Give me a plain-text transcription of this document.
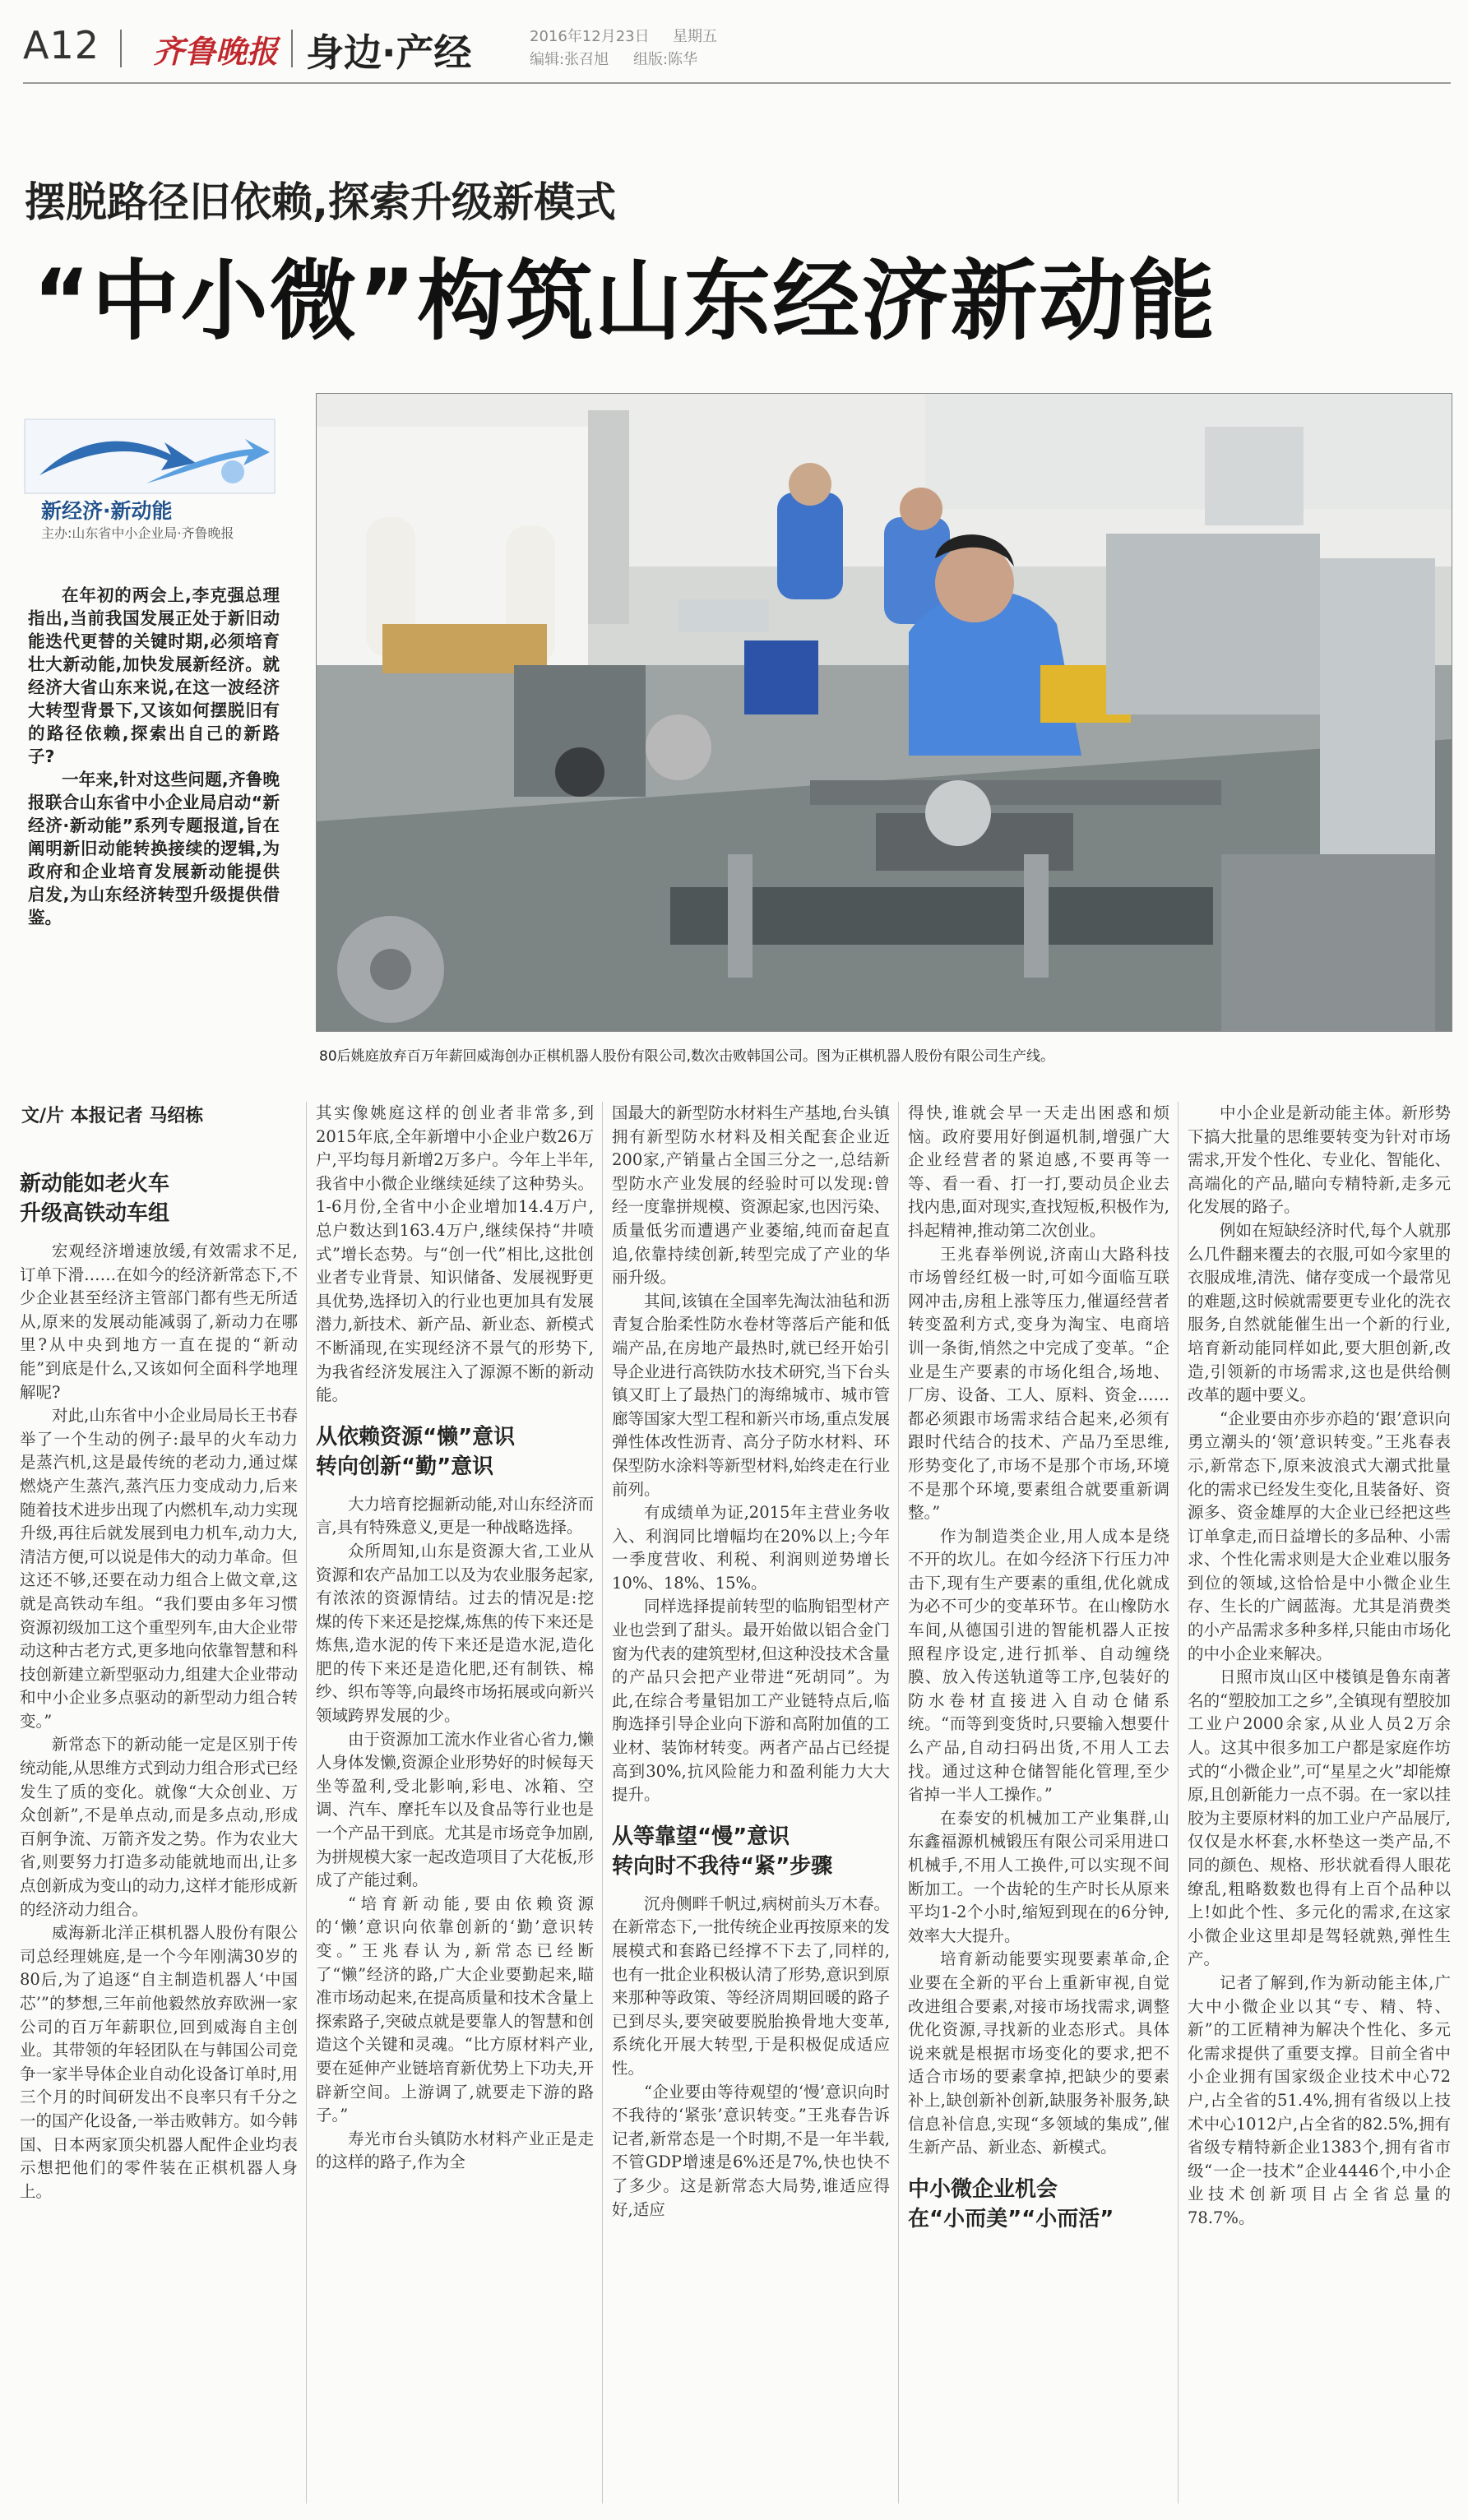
A12 齐鲁晚报 身边·产经	2016年12月23日 星期五
编辑:张召旭 组版:陈华
摆脱路径旧依赖,探索升级新模式
“中小微”构筑山东经济新动能
新经济·新动能
主办:山东省中小企业局·齐鲁晚报

在年初的两会上,李克强总理指出,当前我国发展正处于新旧动能迭代更替的关键时期,必须培育壮大新动能,加快发展新经济。就经济大省山东来说,在这一波经济大转型背景下,又该如何摆脱旧有的路径依赖,探索出自己的新路子?

一年来,针对这些问题,齐鲁晚报联合山东省中小企业局启动“新经济·新动能”系列专题报道,旨在阐明新旧动能转换接续的逻辑,为政府和企业培育发展新动能提供启发,为山东经济转型升级提供借鉴。

80后姚庭放弃百万年薪回威海创办正棋机器人股份有限公司,数次击败韩国公司。图为正棋机器人股份有限公司生产线。
文/片 本报记者 马绍栋
新动能如老火车
升级高铁动车组

宏观经济增速放缓,有效需求不足,订单下滑……在如今的经济新常态下,不少企业甚至经济主管部门都有些无所适从,原来的发展动能减弱了,新动力在哪里?从中央到地方一直在提的“新动能”到底是什么,又该如何全面科学地理解呢?

对此,山东省中小企业局局长王书春举了一个生动的例子:最早的火车动力是蒸汽机,这是最传统的老动力,通过煤燃烧产生蒸汽,蒸汽压力变成动力,后来随着技术进步出现了内燃机车,动力实现升级,再往后就发展到电力机车,动力大,清洁方便,可以说是伟大的动力革命。但这还不够,还要在动力组合上做文章,这就是高铁动车组。“我们要由多年习惯资源初级加工这个重型列车,由大企业带动这种古老方式,更多地向依靠智慧和科技创新建立新型驱动力,组建大企业带动和中小企业多点驱动的新型动力组合转变。”

新常态下的新动能一定是区别于传统动能,从思维方式到动力组合形式已经发生了质的变化。就像“大众创业、万众创新”,不是单点动,而是多点动,形成百舸争流、万箭齐发之势。作为农业大省,则要努力打造多动能就地而出,让多点创新成为变山的动力,这样才能形成新的经济动力组合。

威海新北洋正棋机器人股份有限公司总经理姚庭,是一个今年刚满30岁的80后,为了追逐“自主制造机器人‘中国芯’”的梦想,三年前他毅然放弃欧洲一家公司的百万年薪职位,回到威海自主创业。其带领的年轻团队在与韩国公司竞争一家半导体企业自动化设备订单时,用三个月的时间研发出不良率只有千分之一的国产化设备,一举击败韩方。如今韩国、日本两家顶尖机器人配件企业均表示想把他们的零件装在正棋机器人身上。

其实像姚庭这样的创业者非常多,到2015年底,全年新增中小企业户数26万户,平均每月新增2万多户。今年上半年,我省中小微企业继续延续了这种势头。1-6月份,全省中小企业增加14.4万户,总户数达到163.4万户,继续保持“井喷式”增长态势。与“创一代”相比,这批创业者专业背景、知识储备、发展视野更具优势,选择切入的行业也更加具有发展潜力,新技术、新产品、新业态、新模式不断涌现,在实现经济不景气的形势下,为我省经济发展注入了源源不断的新动能。

从依赖资源“懒”意识
转向创新“勤”意识

大力培育挖掘新动能,对山东经济而言,具有特殊意义,更是一种战略选择。

众所周知,山东是资源大省,工业从资源和农产品加工以及为农业服务起家,有浓浓的资源情结。过去的情况是:挖煤的传下来还是挖煤,炼焦的传下来还是炼焦,造水泥的传下来还是造水泥,造化肥的传下来还是造化肥,还有制铁、棉纱、织布等等,向最终市场拓展或向新兴领域跨界发展的少。

由于资源加工流水作业省心省力,懒人身体发懒,资源企业形势好的时候每天坐等盈利,受北影响,彩电、冰箱、空调、汽车、摩托车以及食品等行业也是一个产品干到底。尤其是市场竞争加剧,为拼规模大家一起改造项目了大花板,形成了产能过剩。

“培育新动能,要由依赖资源的‘懒’意识向依靠创新的‘勤’意识转变。”王兆春认为,新常态已经断了“懒”经济的路,广大企业要勤起来,瞄准市场动起来,在提高质量和技术含量上探索路子,突破点就是要靠人的智慧和创造这个关键和灵魂。“比方原材料产业,要在延伸产业链培育新优势上下功夫,开辟新空间。上游调了,就要走下游的路子。”

寿光市台头镇防水材料产业正是走的这样的路子,作为全

国最大的新型防水材料生产基地,台头镇拥有新型防水材料及相关配套企业近200家,产销量占全国三分之一,总结新型防水产业发展的经验时可以发现:曾经一度靠拼规模、资源起家,也因污染、质量低劣而遭遇产业萎缩,纯而奋起直追,依靠持续创新,转型完成了产业的华丽升级。

其间,该镇在全国率先淘汰油毡和沥青复合胎柔性防水卷材等落后产能和低端产品,在房地产最热时,就已经开始引导企业进行高铁防水技术研究,当下台头镇又盯上了最热门的海绵城市、城市管廊等国家大型工程和新兴市场,重点发展弹性体改性沥青、高分子防水材料、环保型防水涂料等新型材料,始终走在行业前列。

有成绩单为证,2015年主营业务收入、利润同比增幅均在20%以上;今年一季度营收、利税、利润则逆势增长10%、18%、15%。

同样选择提前转型的临朐铝型材产业也尝到了甜头。最开始做以铝合金门窗为代表的建筑型材,但这种没技术含量的产品只会把产业带进“死胡同”。为此,在综合考量铝加工产业链特点后,临朐选择引导企业向下游和高附加值的工业材、装饰材转变。两者产品占已经提高到30%,抗风险能力和盈利能力大大提升。

从等靠望“慢”意识
转向时不我待“紧”步骤

沉舟侧畔千帆过,病树前头万木春。在新常态下,一批传统企业再按原来的发展模式和套路已经撑不下去了,同样的,也有一批企业积极认清了形势,意识到原来那种等政策、等经济周期回暖的路子已到尽头,要突破要脱胎换骨地大变革,系统化开展大转型,于是积极促成适应性。

“企业要由等待观望的‘慢’意识向时不我待的‘紧张’意识转变。”王兆春告诉记者,新常态是一个时期,不是一年半载,不管GDP增速是6%还是7%,快也快不了多少。这是新常态大局势,谁适应得好,适应

得快,谁就会早一天走出困惑和烦恼。政府要用好倒逼机制,增强广大企业经营者的紧迫感,不要再等一等、看一看、打一打,要动员企业去找内患,面对现实,查找短板,积极作为,抖起精神,推动第二次创业。

王兆春举例说,济南山大路科技市场曾经红极一时,可如今面临互联网冲击,房租上涨等压力,催逼经营者转变盈利方式,变身为淘宝、电商培训一条街,悄然之中完成了变革。“企业是生产要素的市场化组合,场地、厂房、设备、工人、原料、资金……都必须跟市场需求结合起来,必须有跟时代结合的技术、产品乃至思维,形势变化了,市场不是那个市场,环境不是那个环境,要素组合就要重新调整。”

作为制造类企业,用人成本是绕不开的坎儿。在如今经济下行压力冲击下,现有生产要素的重组,优化就成为必不可少的变革环节。在山橡防水车间,从德国引进的智能机器人正按照程序设定,进行抓举、自动缠绕膜、放入传送轨道等工序,包装好的防水卷材直接进入自动仓储系统。“而等到变货时,只要输入想要什么产品,自动扫码出货,不用人工去找。通过这种仓储智能化管理,至少省掉一半人工操作。”

在泰安的机械加工产业集群,山东鑫福源机械锻压有限公司采用进口机械手,不用人工换件,可以实现不间断加工。一个齿轮的生产时长从原来平均1-2个小时,缩短到现在的6分钟,效率大大提升。

培育新动能要实现要素革命,企业要在全新的平台上重新审视,自觉改进组合要素,对接市场找需求,调整优化资源,寻找新的业态形式。具体说来就是根据市场变化的要求,把不适合市场的要素拿掉,把缺少的要素补上,缺创新补创新,缺服务补服务,缺信息补信息,实现“多领域的集成”,催生新产品、新业态、新模式。

中小微企业机会
在“小而美”“小而活”

中小企业是新动能主体。新形势下搞大批量的思维要转变为针对市场需求,开发个性化、专业化、智能化、高端化的产品,瞄向专精特新,走多元化发展的路子。

例如在短缺经济时代,每个人就那么几件翻来覆去的衣服,可如今家里的衣服成堆,清洗、储存变成一个最常见的难题,这时候就需要更专业化的洗衣服务,自然就能催生出一个新的行业,培育新动能同样如此,要大胆创新,改造,引领新的市场需求,这也是供给侧改革的题中要义。

“企业要由亦步亦趋的‘跟’意识向勇立潮头的‘领’意识转变。”王兆春表示,新常态下,原来波浪式大潮式批量化的需求已经发生变化,且装备好、资源多、资金雄厚的大企业已经把这些订单拿走,而日益增长的多品种、小需求、个性化需求则是大企业难以服务到位的领域,这恰恰是中小微企业生存、生长的广阔蓝海。尤其是消费类的小产品需求多种多样,只能由市场化的中小企业来解决。

日照市岚山区中楼镇是鲁东南著名的“塑胶加工之乡”,全镇现有塑胶加工业户2000余家,从业人员2万余人。这其中很多加工户都是家庭作坊式的“小微企业”,可“星星之火”却能燎原,且创新能力一点不弱。在一家以挂胶为主要原材料的加工业户产品展厅,仅仅是水杯套,水杯垫这一类产品,不同的颜色、规格、形状就看得人眼花缭乱,粗略数数也得有上百个品种以上!如此个性、多元化的需求,在这家小微企业这里却是驾轻就熟,弹性生产。

记者了解到,作为新动能主体,广大中小微企业以其“专、精、特、新”的工匠精神为解决个性化、多元化需求提供了重要支撑。目前全省中小企业拥有国家级企业技术中心72户,占全省的51.4%,拥有省级以上技术中心1012户,占全省的82.5%,拥有省级专精特新企业1383个,拥有省市级“一企一技术”企业4446个,中小企业技术创新项目占全省总量的78.7%。
